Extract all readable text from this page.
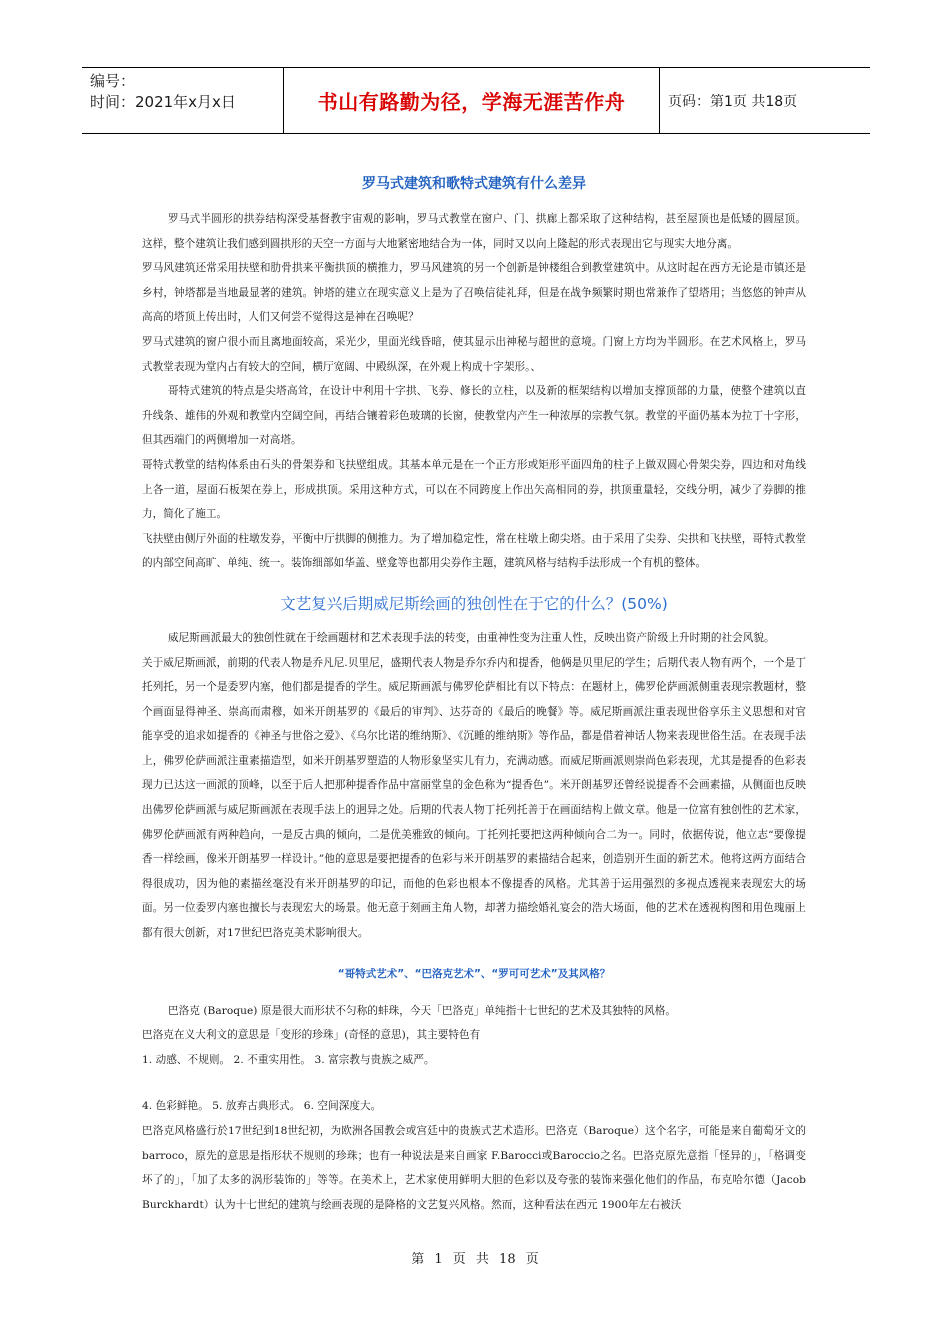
编号：
时间：2021年x月x日	书山有路勤为径，学海无涯苦作舟	页码：第1页 共18页
罗马式建筑和歌特式建筑有什么差异

罗马式半圆形的拱券结构深受基督教宇宙观的影响，罗马式教堂在窗户、门、拱廊上都采取了这种结构，甚至屋顶也是低矮的圆屋顶。这样，整个建筑让我们感到圆拱形的天空一方面与大地紧密地结合为一体，同时又以向上隆起的形式表现出它与现实大地分离。

罗马风建筑还常采用扶壁和肋骨拱来平衡拱顶的横推力，罗马风建筑的另一个创新是钟楼组合到教堂建筑中。从这时起在西方无论是市镇还是乡村，钟塔都是当地最显著的建筑。钟塔的建立在现实意义上是为了召唤信徒礼拜，但是在战争频繁时期也常兼作了望塔用；当悠悠的钟声从高高的塔顶上传出时，人们又何尝不觉得这是神在召唤呢？

罗马式建筑的窗户很小而且离地面较高，采光少，里面光线昏暗，使其显示出神秘与超世的意境。门窗上方均为半圆形。在艺术风格上，罗马式教堂表现为堂内占有较大的空间，横厅宽阔、中殿纵深，在外观上构成十字架形。、

哥特式建筑的特点是尖塔高耸，在设计中利用十字拱、飞券、修长的立柱，以及新的框架结构以增加支撑顶部的力量，使整个建筑以直升线条、雄伟的外观和教堂内空阔空间，再结合镶着彩色玻璃的长窗，使教堂内产生一种浓厚的宗教气氛。教堂的平面仍基本为拉丁十字形，但其西端门的两侧增加一对高塔。

哥特式教堂的结构体系由石头的骨架券和飞扶壁组成。其基本单元是在一个正方形或矩形平面四角的柱子上做双圆心骨架尖券，四边和对角线上各一道，屋面石板架在券上，形成拱顶。采用这种方式，可以在不同跨度上作出矢高相同的券，拱顶重量轻，交线分明，减少了券脚的推力，简化了施工。

飞扶壁由侧厅外面的柱墩发券，平衡中厅拱脚的侧推力。为了增加稳定性，常在柱墩上砌尖塔。由于采用了尖券、尖拱和飞扶壁，哥特式教堂的内部空间高旷、单纯、统一。装饰细部如华盖、壁龛等也都用尖券作主题，建筑风格与结构手法形成一个有机的整体。

文艺复兴后期威尼斯绘画的独创性在于它的什么？(50%)

威尼斯画派最大的独创性就在于绘画题材和艺术表现手法的转变，由重神性变为注重人性，反映出资产阶级上升时期的社会风貌。

关于威尼斯画派，前期的代表人物是乔凡尼.贝里尼，盛期代表人物是乔尔乔内和提香，他俩是贝里尼的学生；后期代表人物有两个，一个是丁托列托，另一个是委罗内塞，他们都是提香的学生。威尼斯画派与佛罗伦萨相比有以下特点：在题材上，佛罗伦萨画派侧重表现宗教题材，整个画面显得神圣、崇高而肃穆，如米开朗基罗的《最后的审判》、达芬奇的《最后的晚餐》等。威尼斯画派注重表现世俗享乐主义思想和对官能享受的追求如提香的《神圣与世俗之爱》、《乌尔比诺的维纳斯》、《沉睡的维纳斯》等作品，都是借着神话人物来表现世俗生活。在表现手法上，佛罗伦萨画派注重素描造型，如米开朗基罗塑造的人物形象坚实儿有力，充满动感。而威尼斯画派则崇尚色彩表现，尤其是提香的色彩表现力已达这一画派的顶峰，以至于后人把那种提香作品中富丽堂皇的金色称为“提香色”。米开朗基罗还曾经说提香不会画素描，从侧面也反映出佛罗伦萨画派与威尼斯画派在表现手法上的迥异之处。后期的代表人物丁托列托善于在画面结构上做文章。他是一位富有独创性的艺术家，佛罗伦萨画派有两种趋向，一是反古典的倾向，二是优美雅致的倾向。丁托列托要把这两种倾向合二为一。同时，依据传说，他立志“要像提香一样绘画，像米开朗基罗一样设计。”他的意思是要把提香的色彩与米开朗基罗的素描结合起来，创造别开生面的新艺术。他将这两方面结合得很成功，因为他的素描丝毫没有米开朗基罗的印记，而他的色彩也根本不像提香的风格。尤其善于运用强烈的多视点透视来表现宏大的场面。另一位委罗内塞也擅长与表现宏大的场景。他无意于刻画主角人物，却著力描绘婚礼宴会的浩大场面，他的艺术在透视构图和用色瑰丽上都有很大创新，对17世纪巴洛克美术影响很大。

“哥特式艺术”、“巴洛克艺术”、“罗可可艺术”及其风格？

巴洛克 (Baroque) 原是很大而形状不匀称的蚌珠，今天「巴洛克」单纯指十七世纪的艺术及其独特的风格。

巴洛克在义大利文的意思是「变形的珍珠」(奇怪的意思)，其主要特色有

1. 动感、不规则。 2. 不重实用性。 3. 富宗教与贵族之威严。

4. 色彩鲜艳。 5. 放弃古典形式。 6. 空间深度大。

巴洛克风格盛行於17世纪到18世纪初，为欧洲各国教会或宫廷中的贵族式艺术造形。巴洛克（Baroque）这个名字，可能是来自葡萄牙文的barroco，原先的意思是指形状不规则的珍珠；也有一种说法是来自画家 F.Barocci或Baroccio之名。巴洛克原先意指「怪异的」，「格调变坏了的」，「加了太多的涡形装饰的」等等。在美术上，艺术家使用鲜明大胆的色彩以及夸张的装饰来强化他们的作品，布克哈尔德（Jacob Burckhardt）认为十七世纪的建筑与绘画表现的是降格的文艺复兴风格。然而，这种看法在西元 1900年左右被沃

第 1 页 共 18 页
